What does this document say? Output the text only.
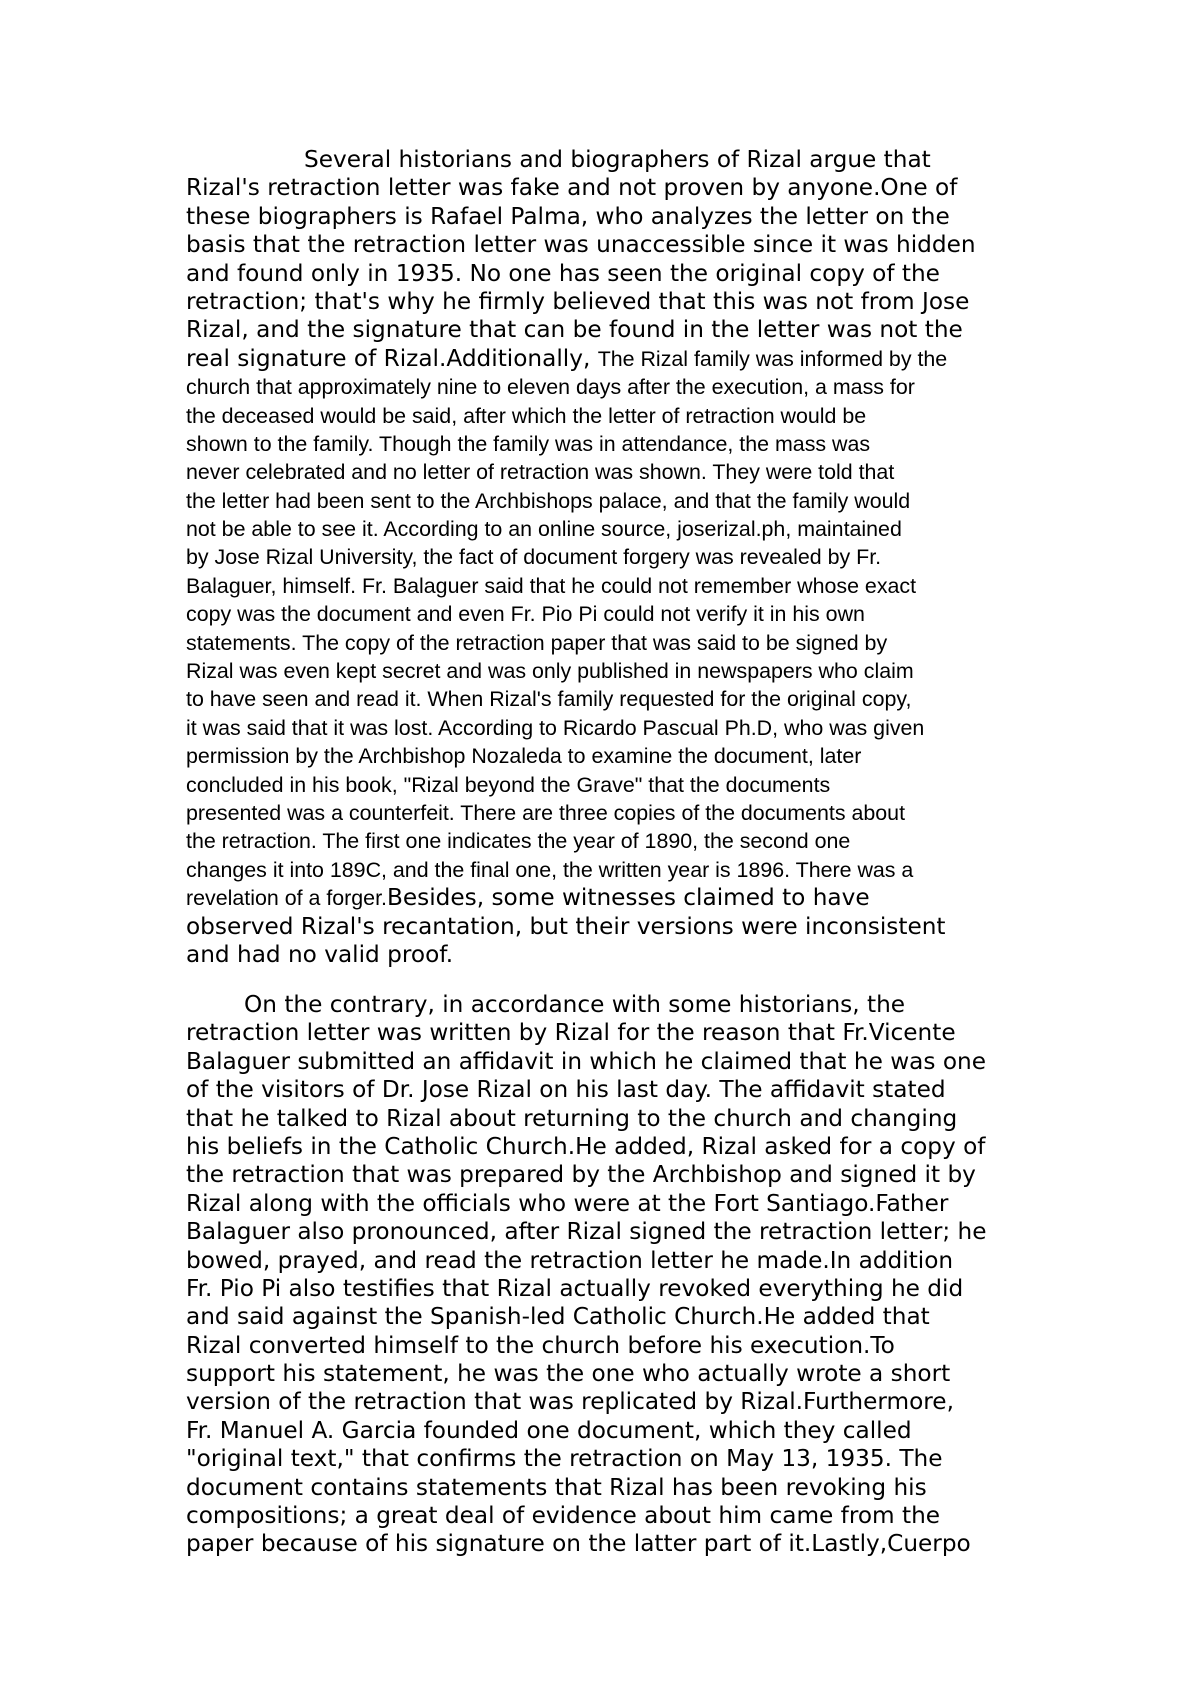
Several historians and biographers of Rizal argue that
Rizal's retraction letter was fake and not proven by anyone.One of
these biographers is Rafael Palma, who analyzes the letter on the
basis that the retraction letter was unaccessible since it was hidden
and found only in 1935. No one has seen the original copy of the
retraction; that's why he firmly believed that this was not from Jose
Rizal, and the signature that can be found in the letter was not the
real signature of Rizal.Additionally, The Rizal family was informed by the
church that approximately nine to eleven days after the execution, a mass for
the deceased would be said, after which the letter of retraction would be
shown to the family. Though the family was in attendance, the mass was
never celebrated and no letter of retraction was shown. They were told that
the letter had been sent to the Archbishops palace, and that the family would
not be able to see it. According to an online source, joserizal.ph, maintained
by Jose Rizal University, the fact of document forgery was revealed by Fr.
Balaguer, himself. Fr. Balaguer said that he could not remember whose exact
copy was the document and even Fr. Pio Pi could not verify it in his own
statements. The copy of the retraction paper that was said to be signed by
Rizal was even kept secret and was only published in newspapers who claim
to have seen and read it. When Rizal's family requested for the original copy,
it was said that it was lost. According to Ricardo Pascual Ph.D, who was given
permission by the Archbishop Nozaleda to examine the document, later
concluded in his book, "Rizal beyond the Grave" that the documents
presented was a counterfeit. There are three copies of the documents about
the retraction. The first one indicates the year of 1890, the second one
changes it into 189C, and the final one, the written year is 1896. There was a
revelation of a forger.Besides, some witnesses claimed to have
observed Rizal's recantation, but their versions were inconsistent
and had no valid proof.
On the contrary, in accordance with some historians, the
retraction letter was written by Rizal for the reason that Fr.Vicente
Balaguer submitted an affidavit in which he claimed that he was one
of the visitors of Dr. Jose Rizal on his last day. The affidavit stated
that he talked to Rizal about returning to the church and changing
his beliefs in the Catholic Church.He added, Rizal asked for a copy of
the retraction that was prepared by the Archbishop and signed it by
Rizal along with the officials who were at the Fort Santiago.Father
Balaguer also pronounced, after Rizal signed the retraction letter; he
bowed, prayed, and read the retraction letter he made.In addition
Fr. Pio Pi also testifies that Rizal actually revoked everything he did
and said against the Spanish-led Catholic Church.He added that
Rizal converted himself to the church before his execution.To
support his statement, he was the one who actually wrote a short
version of the retraction that was replicated by Rizal.Furthermore,
Fr. Manuel A. Garcia founded one document, which they called
"original text," that confirms the retraction on May 13, 1935. The
document contains statements that Rizal has been revoking his
compositions; a great deal of evidence about him came from the
paper because of his signature on the latter part of it.Lastly,Cuerpo
